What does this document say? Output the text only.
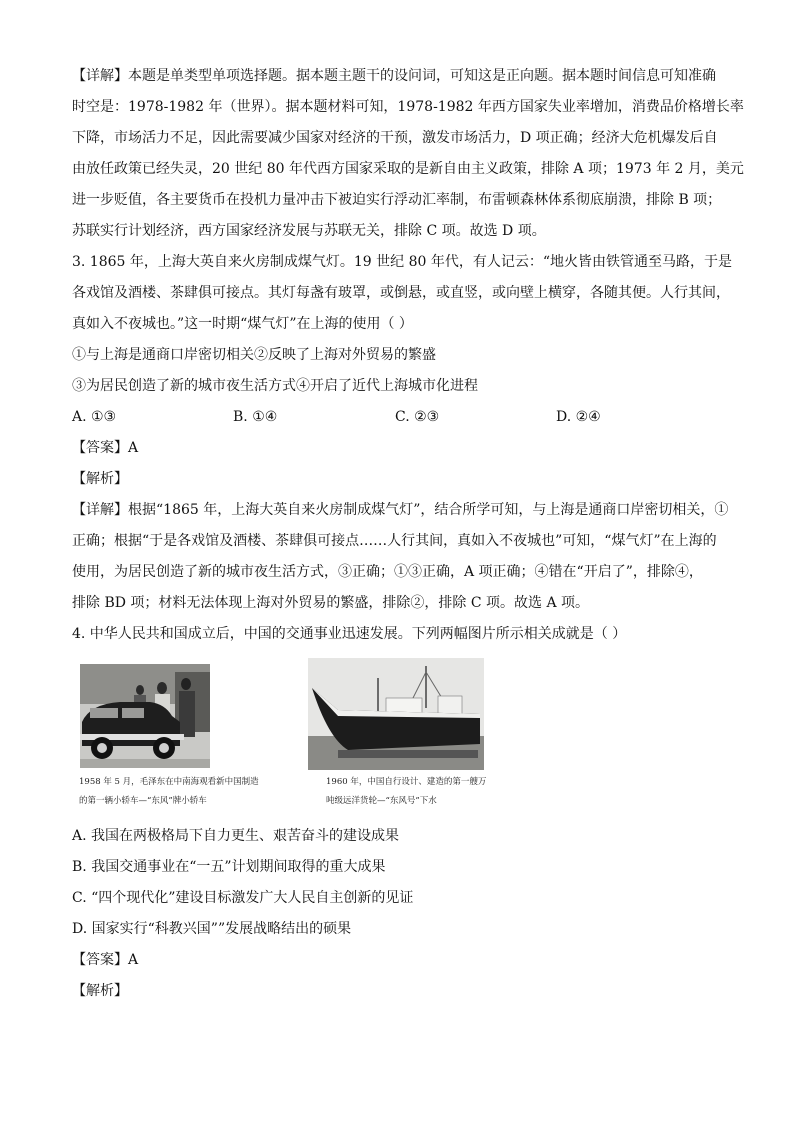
【详解】本题是单类型单项选择题。据本题主题干的设问词，可知这是正向题。据本题时间信息可知准确
时空是：1978-1982 年（世界）。据本题材料可知，1978-1982 年西方国家失业率增加，消费品价格增长率
下降，市场活力不足，因此需要减少国家对经济的干预，激发市场活力，D 项正确；经济大危机爆发后自
由放任政策已经失灵，20 世纪 80 年代西方国家采取的是新自由主义政策，排除 A 项；1973 年 2 月，美元
进一步贬值，各主要货币在投机力量冲击下被迫实行浮动汇率制，布雷顿森林体系彻底崩溃，排除 B 项；
苏联实行计划经济，西方国家经济发展与苏联无关，排除 C 项。故选 D 项。
3. 1865 年，上海大英自来火房制成煤气灯。19 世纪 80 年代，有人记云：“地火皆由铁管通至马路，于是
各戏馆及酒楼、茶肆俱可接点。其灯每盏有玻罩，或倒悬，或直竖，或向壁上横穿，各随其便。人行其间，
真如入不夜城也。”这一时期“煤气灯”在上海的使用（ ）
①与上海是通商口岸密切相关②反映了上海对外贸易的繁盛
③为居民创造了新的城市夜生活方式④开启了近代上海城市化进程
A. ①③	B. ①④	C. ②③	D. ②④
【答案】A
【解析】
【详解】根据“1865 年，上海大英自来火房制成煤气灯”，结合所学可知，与上海是通商口岸密切相关，①
正确；根据“于是各戏馆及酒楼、茶肆俱可接点……人行其间，真如入不夜城也”可知，“煤气灯”在上海的
使用，为居民创造了新的城市夜生活方式，③正确；①③正确，A 项正确；④错在“开启了”，排除④，
排除 BD 项；材料无法体现上海对外贸易的繁盛，排除②，排除 C 项。故选 A 项。
4. 中华人民共和国成立后，中国的交通事业迅速发展。下列两幅图片所示相关成就是（ ）
1958 年 5 月，毛泽东在中南海观看新中国制造
的第一辆小轿车—“东风”牌小轿车
1960 年，中国自行设计、建造的第一艘万
吨级远洋货轮—“东风号”下水
A. 我国在两极格局下自力更生、艰苦奋斗的建设成果
B. 我国交通事业在“一五”计划期间取得的重大成果
C. “四个现代化”建设目标激发广大人民自主创新的见证
D. 国家实行“科教兴国””发展战略结出的硕果
【答案】A
【解析】
